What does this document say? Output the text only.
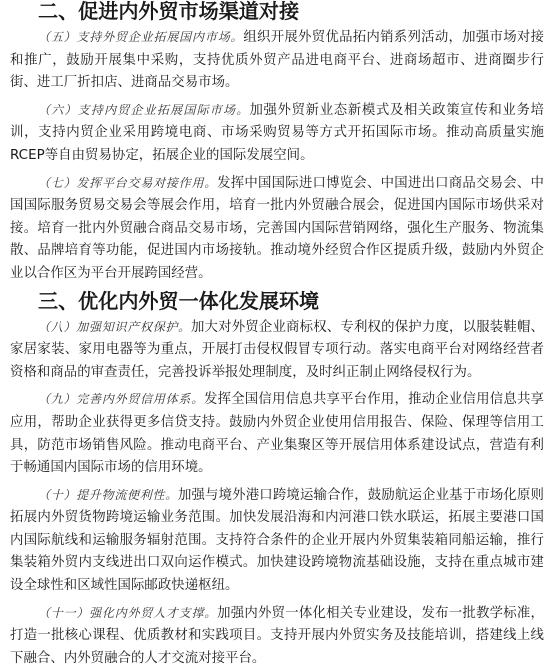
二、促进内外贸市场渠道对接

（五）支持外贸企业拓展国内市场。组织开展外贸优品拓内销系列活动，加强市场对接和推广，鼓励开展集中采购，支持优质外贸产品进电商平台、进商场超市、进商圈步行街、进工厂折扣店、进商品交易市场。

（六）支持内贸企业拓展国际市场。加强外贸新业态新模式及相关政策宣传和业务培训，支持内贸企业采用跨境电商、市场采购贸易等方式开拓国际市场。推动高质量实施RCEP等自由贸易协定，拓展企业的国际发展空间。

（七）发挥平台交易对接作用。发挥中国国际进口博览会、中国进出口商品交易会、中国国际服务贸易交易会等展会作用，培育一批内外贸融合展会，促进国内国际市场供采对接。培育一批内外贸融合商品交易市场，完善国内国际营销网络，强化生产服务、物流集散、品牌培育等功能，促进国内市场接轨。推动境外经贸合作区提质升级，鼓励内外贸企业以合作区为平台开展跨国经营。

三、优化内外贸一体化发展环境

（八）加强知识产权保护。加大对外贸企业商标权、专利权的保护力度，以服装鞋帽、家居家装、家用电器等为重点，开展打击侵权假冒专项行动。落实电商平台对网络经营者资格和商品的审查责任，完善投诉举报处理制度，及时纠正制止网络侵权行为。

（九）完善内外贸信用体系。发挥全国信用信息共享平台作用，推动企业信用信息共享应用，帮助企业获得更多信贷支持。鼓励内外贸企业使用信用报告、保险、保理等信用工具，防范市场销售风险。推动电商平台、产业集聚区等开展信用体系建设试点，营造有利于畅通国内国际市场的信用环境。

（十）提升物流便利性。加强与境外港口跨境运输合作，鼓励航运企业基于市场化原则拓展内外贸货物跨境运输业务范围。加快发展沿海和内河港口铁水联运，拓展主要港口国内国际航线和运输服务辐射范围。支持符合条件的企业开展内外贸集装箱同船运输，推行集装箱外贸内支线进出口双向运作模式。加快建设跨境物流基础设施，支持在重点城市建设全球性和区域性国际邮政快递枢纽。

（十一）强化内外贸人才支撑。加强内外贸一体化相关专业建设，发布一批教学标准，打造一批核心课程、优质教材和实践项目。支持开展内外贸实务及技能培训，搭建线上线下融合、内外贸融合的人才交流对接平台。
